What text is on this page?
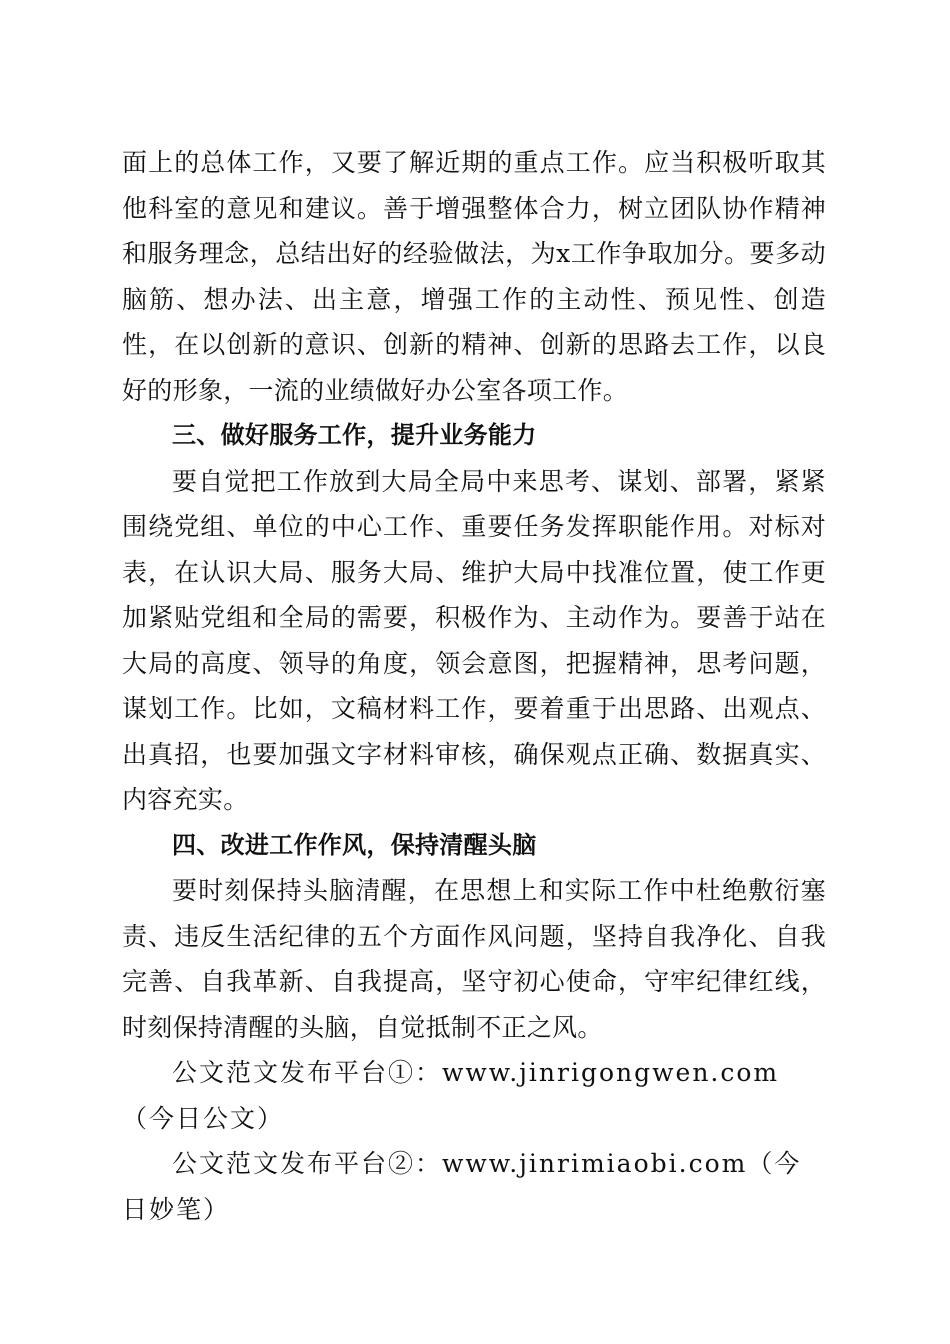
面上的总体工作，又要了解近期的重点工作。应当积极听取其他科室的意见和建议。善于增强整体合力，树立团队协作精神和服务理念，总结出好的经验做法，为x工作争取加分。要多动脑筋、想办法、出主意，增强工作的主动性、预见性、创造性，在以创新的意识、创新的精神、创新的思路去工作，以良好的形象，一流的业绩做好办公室各项工作。

三、做好服务工作，提升业务能力

要自觉把工作放到大局全局中来思考、谋划、部署，紧紧围绕党组、单位的中心工作、重要任务发挥职能作用。对标对表，在认识大局、服务大局、维护大局中找准位置，使工作更加紧贴党组和全局的需要，积极作为、主动作为。要善于站在大局的高度、领导的角度，领会意图，把握精神，思考问题，谋划工作。比如，文稿材料工作，要着重于出思路、出观点、出真招，也要加强文字材料审核，确保观点正确、数据真实、内容充实。

四、改进工作作风，保持清醒头脑

要时刻保持头脑清醒，在思想上和实际工作中杜绝敷衍塞责、违反生活纪律的五个方面作风问题，坚持自我净化、自我完善、自我革新、自我提高，坚守初心使命，守牢纪律红线，时刻保持清醒的头脑，自觉抵制不正之风。

公文范文发布平台①：www.jinrigongwen.com（今日公文）

公文范文发布平台②：www.jinrimiaobi.com（今日妙笔）
